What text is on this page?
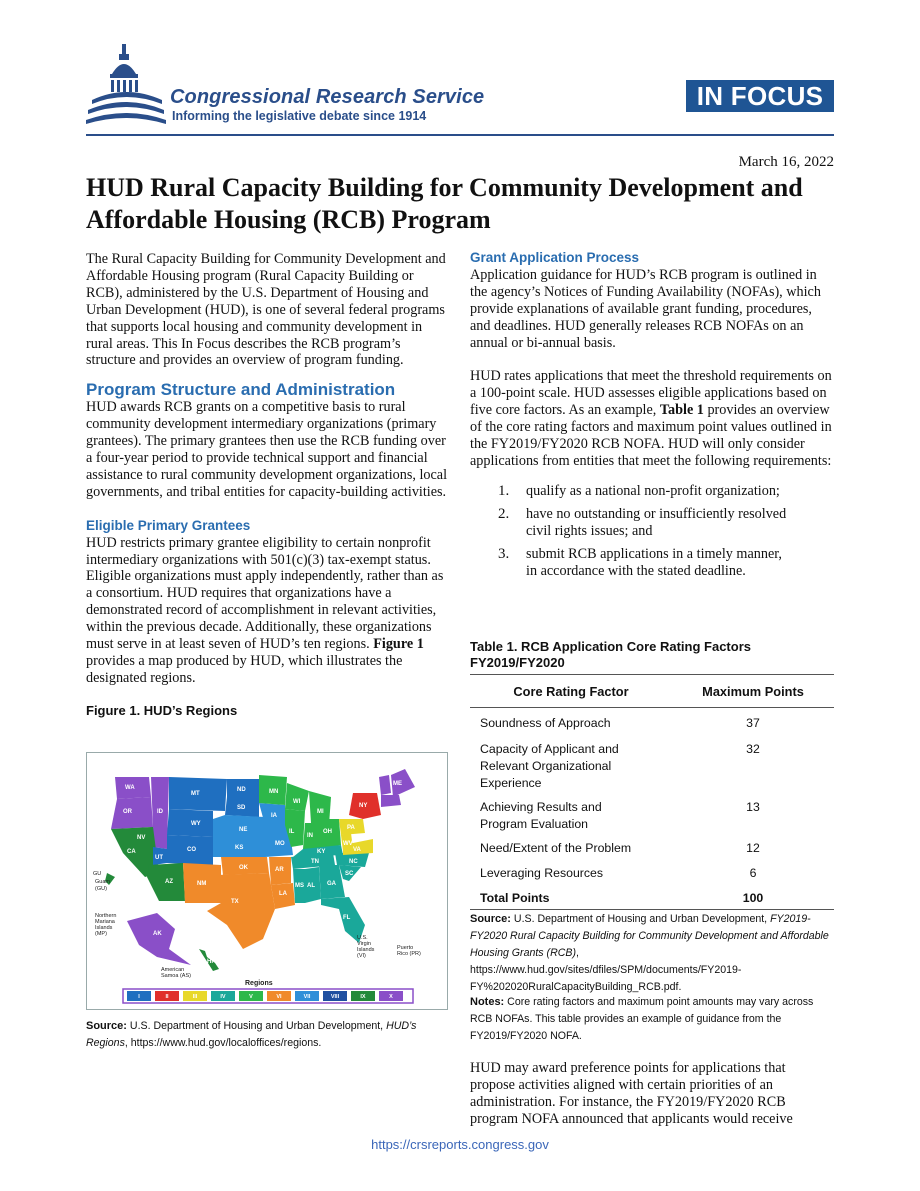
Congressional Research Service
Informing the legislative debate since 1914
IN FOCUS
March 16, 2022
HUD Rural Capacity Building for Community Development and Affordable Housing (RCB) Program

The Rural Capacity Building for Community Development and Affordable Housing program (Rural Capacity Building or RCB), administered by the U.S. Department of Housing and Urban Development (HUD), is one of several federal programs that supports local housing and community development in rural areas. This In Focus describes the RCB program’s structure and provides an overview of program funding.

Program Structure and Administration

HUD awards RCB grants on a competitive basis to rural community development intermediary organizations (primary grantees). The primary grantees then use the RCB funding over a four-year period to provide technical support and financial assistance to rural community development organizations, local governments, and tribal entities for capacity-building activities.

Eligible Primary Grantees

HUD restricts primary grantee eligibility to certain nonprofit intermediary organizations with 501(c)(3) tax-exempt status. Eligible organizations must apply independently, rather than as a consortium. HUD requires that organizations have a demonstrated record of accomplishment in relevant activities, within the previous decade. Additionally, these organizations must serve in at least seven of HUD’s ten regions. Figure 1 provides a map produced by HUD, which illustrates the designated regions.

Figure 1. HUD’s Regions
WA
OR	ID
MT
WY
ND
SD
NE
MN
IA
WI
MI
IL
IN
OH
NY
PA
ME
CA
NV
UT
CO
AZ	NM
KS
MO
OK	AR
TX
LA
MS AL GA
TN
KY
WV
VA
NC
SC
FL
AK
HI
GU
Guam
(GU)
Northern
Mariana
Islands
(MP)
American
Samoa (AS)
U.S.
Virgin
Islands
(VI)
Puerto
Rico (PR)
Regions
I	II	III	IV	V	VI	VII	VIII	IX	X
Source: U.S. Department of Housing and Urban Development, HUD’s Regions, https://www.hud.gov/localoffices/regions.
Grant Application Process

Application guidance for HUD’s RCB program is outlined in the agency’s Notices of Funding Availability (NOFAs), which provide explanations of available grant funding, procedures, and deadlines. HUD generally releases RCB NOFAs on an annual or bi-annual basis.

HUD rates applications that meet the threshold requirements on a 100-point scale. HUD assesses eligible applications based on five core factors. As an example, Table 1 provides an overview of the core rating factors and maximum point values outlined in the FY2019/FY2020 RCB NOFA. HUD will only consider applications from entities that meet the following requirements:

1. qualify as a national non-profit organization;
2. have no outstanding or insufficiently resolved civil rights issues; and
3. submit RCB applications in a timely manner, in accordance with the stated deadline.
Table 1. RCB Application Core Rating Factors FY2019/FY2020
Core Rating Factor	Maximum Points
Soundness of Approach	37
Capacity of Applicant and Relevant Organizational Experience	32
Achieving Results and Program Evaluation	13
Need/Extent of the Problem	12
Leveraging Resources	6
Total Points	100
Source: U.S. Department of Housing and Urban Development, FY2019-FY2020 Rural Capacity Building for Community Development and Affordable Housing Grants (RCB), https://www.hud.gov/sites/dfiles/SPM/documents/FY2019-FY%202020RuralCapacityBuilding_RCB.pdf.
Notes: Core rating factors and maximum point amounts may vary across RCB NOFAs. This table provides an example of guidance from the FY2019/FY2020 NOFA.
HUD may award preference points for applications that propose activities aligned with certain priorities of an administration. For instance, the FY2019/FY2020 RCB program NOFA announced that applicants would receive
https://crsreports.congress.gov
